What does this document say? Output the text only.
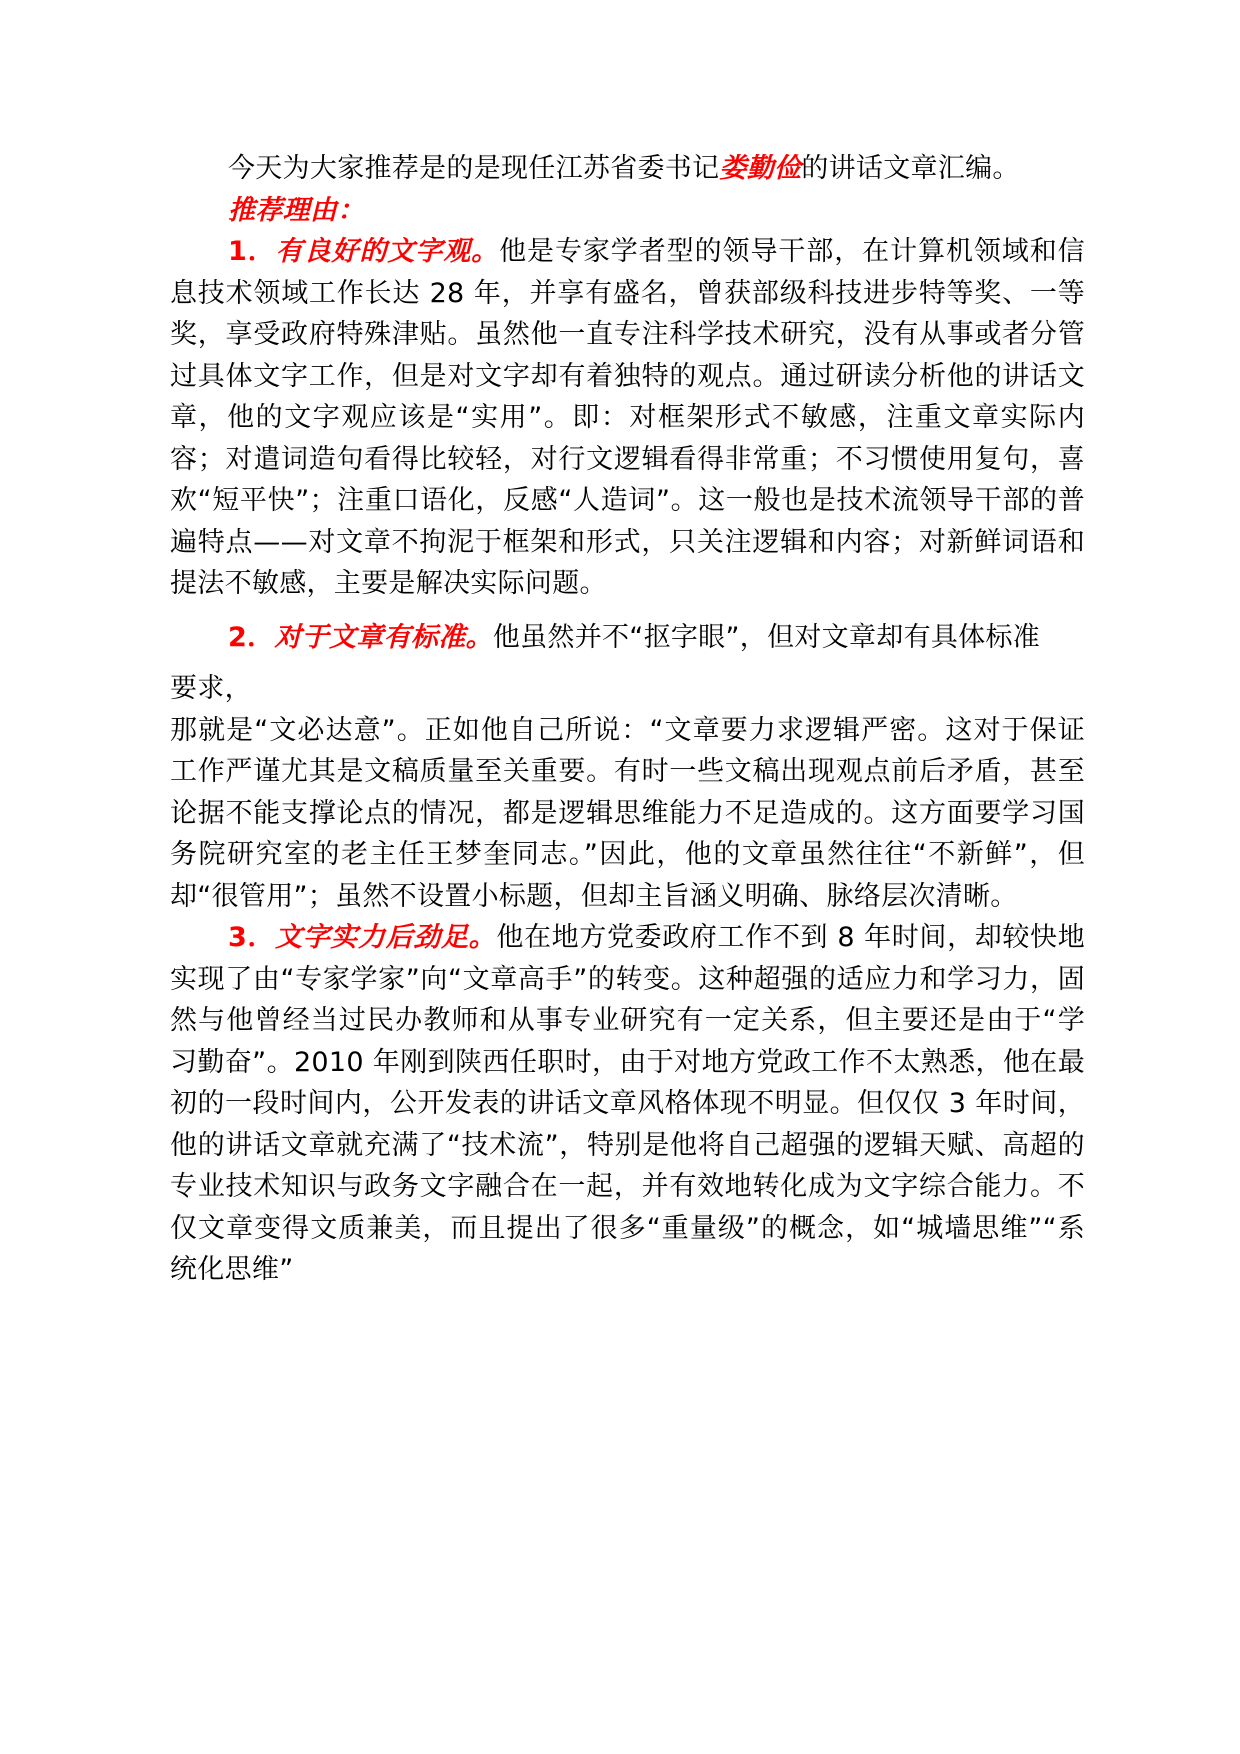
今天为大家推荐是的是现任江苏省委书记娄勤俭的讲话文章汇编。

推荐理由：

1．有良好的文字观。他是专家学者型的领导干部，在计算机领域和信息技术领域工作长达 28 年，并享有盛名，曾获部级科技进步特等奖、一等奖，享受政府特殊津贴。虽然他一直专注科学技术研究，没有从事或者分管过具体文字工作，但是对文字却有着独特的观点。通过研读分析他的讲话文章，他的文字观应该是“实用”。即：对框架形式不敏感，注重文章实际内容；对遣词造句看得比较轻，对行文逻辑看得非常重；不习惯使用复句，喜欢“短平快”；注重口语化，反感“人造词”。这一般也是技术流领导干部的普遍特点——对文章不拘泥于框架和形式，只关注逻辑和内容；对新鲜词语和提法不敏感，主要是解决实际问题。

2．对于文章有标准。他虽然并不“抠字眼”，但对文章却有具体标准

要求，

那就是“文必达意”。正如他自己所说：“文章要力求逻辑严密。这对于保证工作严谨尤其是文稿质量至关重要。有时一些文稿出现观点前后矛盾，甚至论据不能支撑论点的情况，都是逻辑思维能力不足造成的。这方面要学习国务院研究室的老主任王梦奎同志。”因此，他的文章虽然往往“不新鲜”，但却“很管用”；虽然不设置小标题，但却主旨涵义明确、脉络层次清晰。

3．文字实力后劲足。他在地方党委政府工作不到 8 年时间，却较快地实现了由“专家学家”向“文章高手”的转变。这种超强的适应力和学习力，固然与他曾经当过民办教师和从事专业研究有一定关系，但主要还是由于“学习勤奋”。2010 年刚到陕西任职时，由于对地方党政工作不太熟悉，他在最初的一段时间内，公开发表的讲话文章风格体现不明显。但仅仅 3 年时间，他的讲话文章就充满了“技术流”，特别是他将自己超强的逻辑天赋、高超的专业技术知识与政务文字融合在一起，并有效地转化成为文字综合能力。不仅文章变得文质兼美，而且提出了很多“重量级”的概念，如“城墙思维”“系统化思维”
